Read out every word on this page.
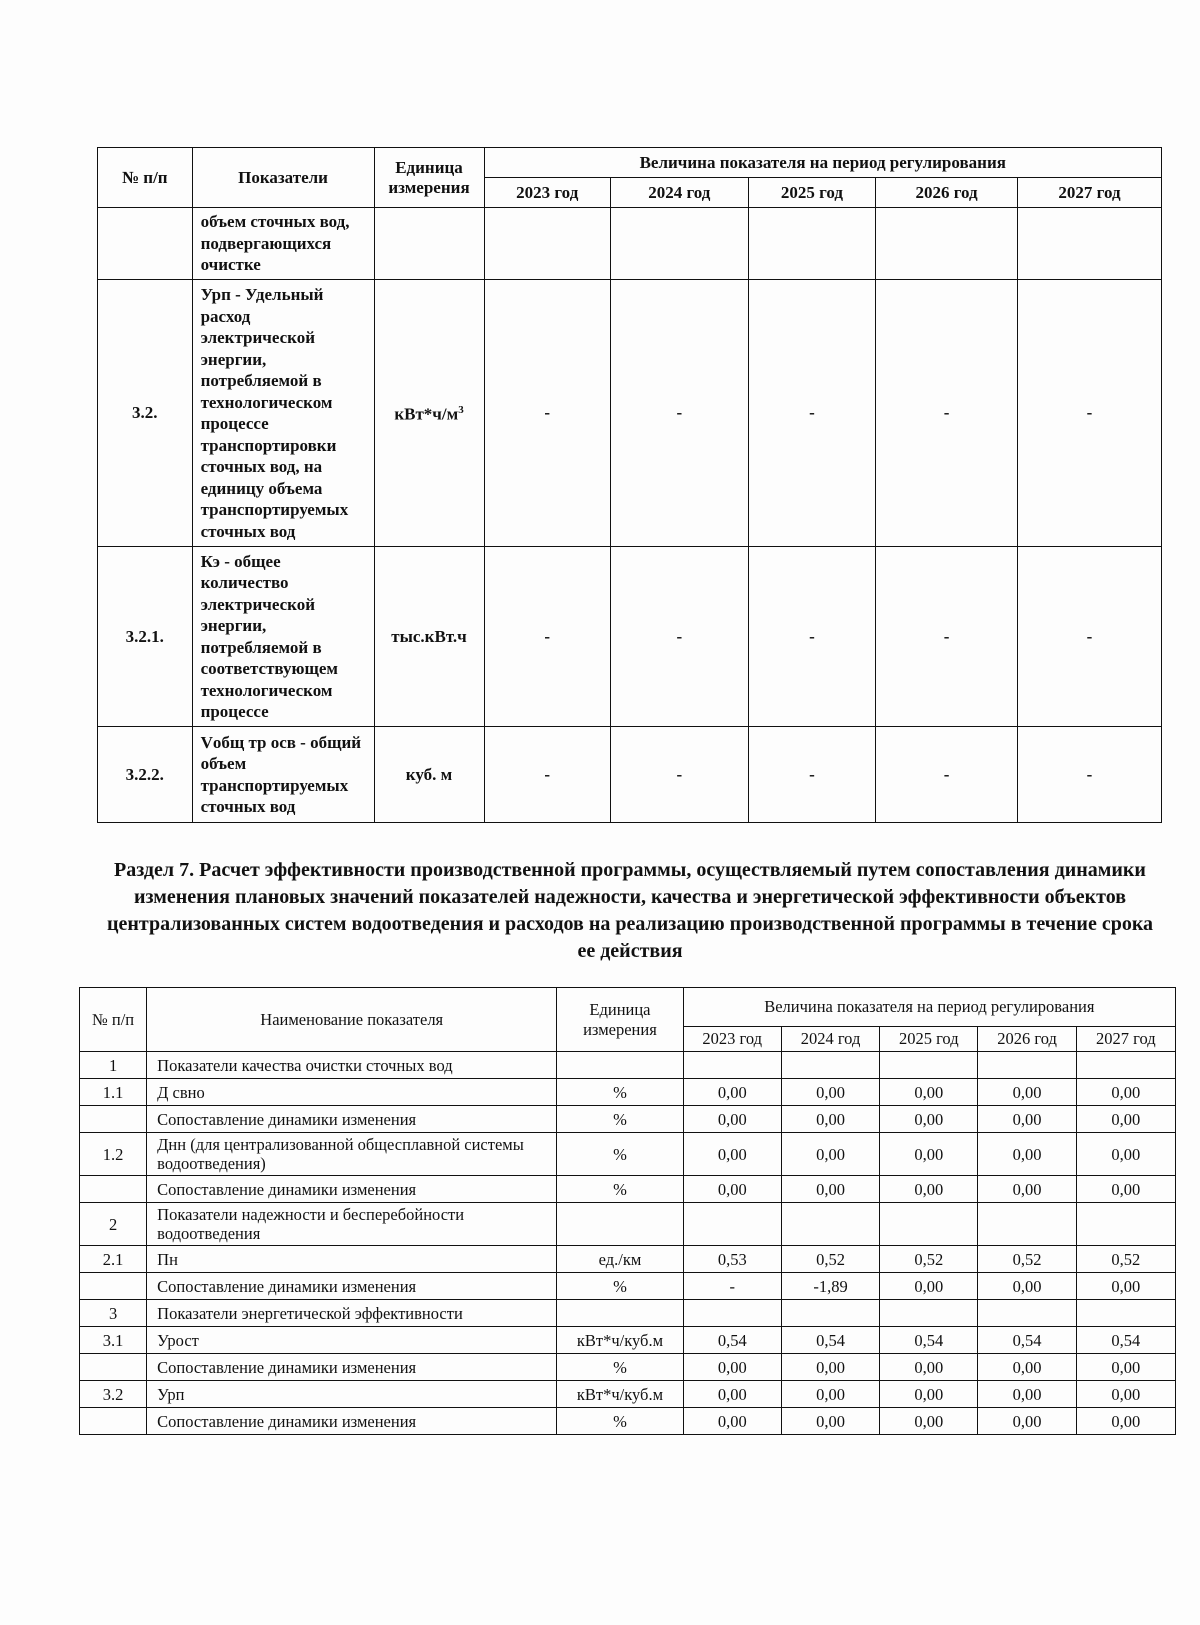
№ п/п	Показатели	Единица измерения	Величина показателя на период регулирования				
			2023 год	2024 год	2025 год	2026 год	2027 год
	объем сточных вод, подвергающихся очистке						
3.2.	Урп - Удельный расход электрической энергии, потребляемой в технологическом процессе транспортировки сточных вод, на единицу объема транспортируемых сточных вод	$кВт*ч/м^3$	-	-	-	-	-
3.2.1.	Кэ - общее количество электрической энергии, потребляемой в соответствующем технологическом процессе	тыс.кВт.ч	-	-	-	-	-
3.2.2.	Vобщ тр осв - общий объем транспортируемых сточных вод	куб. м	-	-	-	-	-
Раздел 7. Расчет эффективности производственной программы, осуществляемый путем сопоставления динамики изменения плановых значений показателей надежности, качества и энергетической эффективности объектов централизованных систем водоотведения и расходов на реализацию производственной программы в течение срока ее действия
№ п/п	Наименование показателя	Единица измерения	Величина показателя на период регулирования				
			2023 год	2024 год	2025 год	2026 год	2027 год
1	Показатели качества очистки сточных вод						
1.1	Д свно	%	0,00	0,00	0,00	0,00	0,00
	Сопоставление динамики изменения	%	0,00	0,00	0,00	0,00	0,00
1.2	Днн (для централизованной общесплавной системы водоотведения)	%	0,00	0,00	0,00	0,00	0,00
	Сопоставление динамики изменения	%	0,00	0,00	0,00	0,00	0,00
2	Показатели надежности и бесперебойности водоотведения						
2.1	Пн	ед./км	0,53	0,52	0,52	0,52	0,52
	Сопоставление динамики изменения	%	-	-1,89	0,00	0,00	0,00
3	Показатели энергетической эффективности						
3.1	Урост	кВт*ч/куб.м	0,54	0,54	0,54	0,54	0,54
	Сопоставление динамики изменения	%	0,00	0,00	0,00	0,00	0,00
3.2	Урп	кВт*ч/куб.м	0,00	0,00	0,00	0,00	0,00
	Сопоставление динамики изменения	%	0,00	0,00	0,00	0,00	0,00
